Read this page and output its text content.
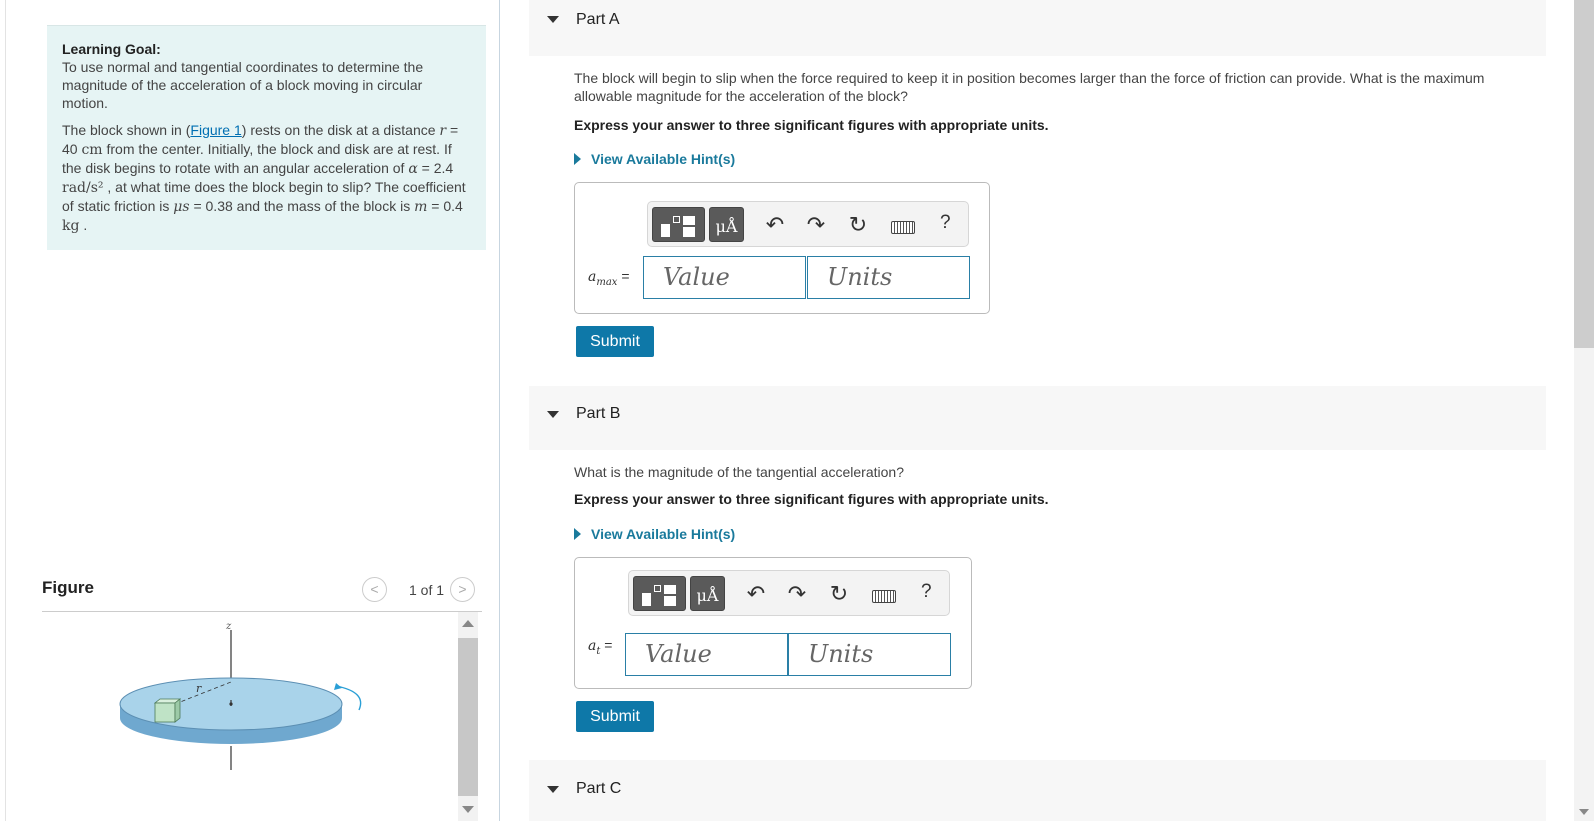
Learning Goal:
To use normal and tangential coordinates to determine the magnitude of the acceleration of a block moving in circular motion.

The block shown in (Figure 1) rests on the disk at a distance r = 40 cm from the center. Initially, the block and disk are at rest. If the disk begins to rotate with an angular acceleration of α = 2.4 rad/s² , at what time does the block begin to slip? The coefficient of static friction is μs = 0.38 and the mass of the block is m = 0.4 kg .

Figure	<	1 of 1	>
z
r
Part A
The block will begin to slip when the force required to keep it in position becomes larger than the force of friction can provide. What is the maximum allowable magnitude for the acceleration of the block?
Express your answer to three significant figures with appropriate units.
View Available Hint(s)
μÅ ↶ ↷ ↻	?
$a_{max}$ =	Value	Units
Submit
Part B
What is the magnitude of the tangential acceleration?
Express your answer to three significant figures with appropriate units.
View Available Hint(s)
μÅ ↶ ↷ ↻	?
$a_t$ =	Value	Units
Submit
Part C
